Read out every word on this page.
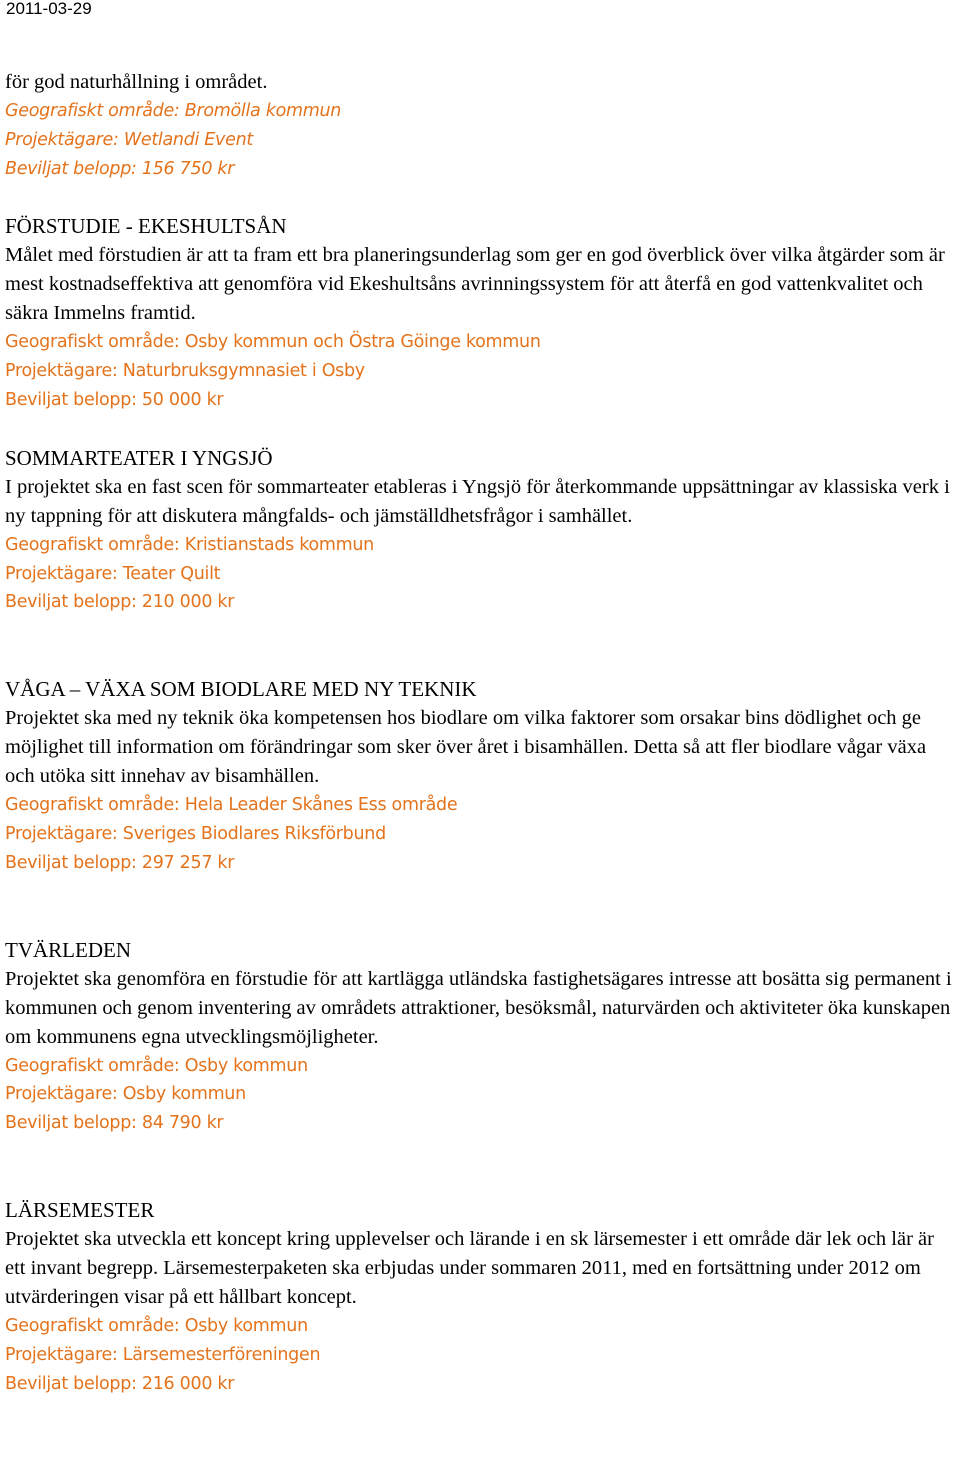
2011-03-29

för god naturhållning i området.

Geografiskt område: Bromölla kommun

Projektägare: Wetlandi Event

Beviljat belopp: 156 750 kr

FÖRSTUDIE - EKESHULTSÅN

Målet med förstudien är att ta fram ett bra planeringsunderlag som ger en god överblick över vilka åtgärder som är mest kostnadseffektiva att genomföra vid Ekeshultsåns avrinningssystem för att återfå en god vattenkvalitet och säkra Immelns framtid.

Geografiskt område: Osby kommun och Östra Göinge kommun

Projektägare: Naturbruksgymnasiet i Osby

Beviljat belopp: 50 000 kr

SOMMARTEATER I YNGSJÖ

I projektet ska en fast scen för sommarteater etableras i Yngsjö för återkommande uppsättningar av klassiska verk i ny tappning för att diskutera mångfalds- och jämställdhetsfrågor i samhället.

Geografiskt område: Kristianstads kommun

Projektägare: Teater Quilt

Beviljat belopp: 210 000 kr

VÅGA – VÄXA SOM BIODLARE MED NY TEKNIK

Projektet ska med ny teknik öka kompetensen hos biodlare om vilka faktorer som orsakar bins dödlighet och ge möjlighet till information om förändringar som sker över året i bisamhällen. Detta så att fler biodlare vågar växa och utöka sitt innehav av bisamhällen.

Geografiskt område: Hela Leader Skånes Ess område

Projektägare: Sveriges Biodlares Riksförbund

Beviljat belopp: 297 257 kr

TVÄRLEDEN

Projektet ska genomföra en förstudie för att kartlägga utländska fastighetsägares intresse att bosätta sig permanent i kommunen och genom inventering av områdets attraktioner, besöksmål, naturvärden och aktiviteter öka kunskapen om kommunens egna utvecklingsmöjligheter.

Geografiskt område: Osby kommun

Projektägare: Osby kommun

Beviljat belopp: 84 790 kr

LÄRSEMESTER

Projektet ska utveckla ett koncept kring upplevelser och lärande i en sk lärsemester i ett område där lek och lär är ett invant begrepp. Lärsemesterpaketen ska erbjudas under sommaren 2011, med en fortsättning under 2012 om utvärderingen visar på ett hållbart koncept.

Geografiskt område: Osby kommun

Projektägare: Lärsemesterföreningen

Beviljat belopp: 216 000 kr
